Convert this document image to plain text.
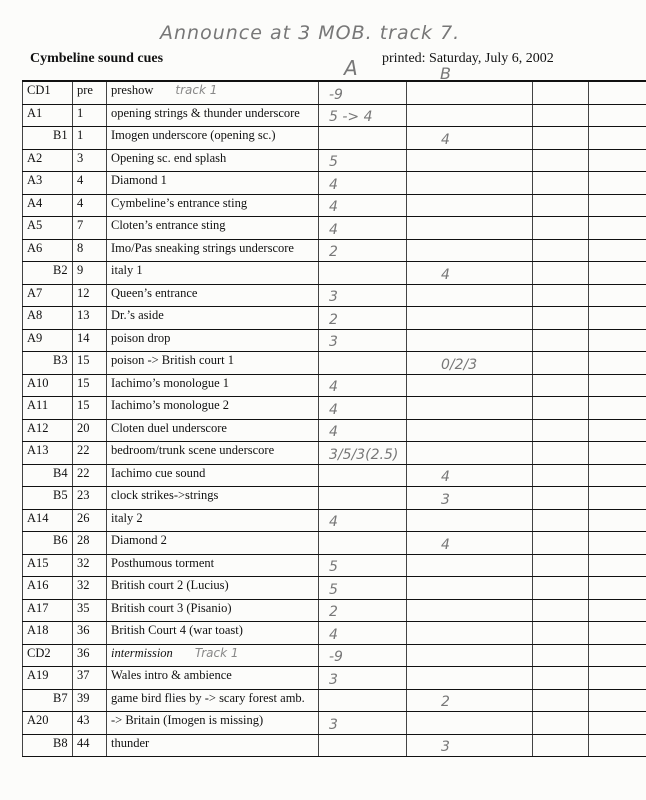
Announce at 3 MOB. track 7.
Cymbeline sound cues	printed: Saturday, July 6, 2002
A	B
CD1	pre	preshow track 1	-9			
A1	1	opening strings & thunder underscore	5 -> 4			
B1	1	Imogen underscore (opening sc.)		4		
A2	3	Opening sc. end splash	5			
A3	4	Diamond 1	4			
A4	4	Cymbeline’s entrance sting	4			
A5	7	Cloten’s entrance sting	4			
A6	8	Imo/Pas sneaking strings underscore	2			
B2	9	italy 1		4		
A7	12	Queen’s entrance	3			
A8	13	Dr.’s aside	2			
A9	14	poison drop	3			
B3	15	poison -> British court 1		0/2/3		
A10	15	Iachimo’s monologue 1	4			
A11	15	Iachimo’s monologue 2	4			
A12	20	Cloten duel underscore	4			
A13	22	bedroom/trunk scene underscore	3/5/3(2.5)			
B4	22	Iachimo cue sound		4		
B5	23	clock strikes->strings		3		
A14	26	italy 2	4			
B6	28	Diamond 2		4		
A15	32	Posthumous torment	5			
A16	32	British court 2 (Lucius)	5			
A17	35	British court 3 (Pisanio)	2			
A18	36	British Court 4 (war toast)	4			
CD2	36	intermission Track 1	-9			
A19	37	Wales intro & ambience	3			
B7	39	game bird flies by -> scary forest amb.		2		
A20	43	-> Britain (Imogen is missing)	3			
B8	44	thunder		3		
